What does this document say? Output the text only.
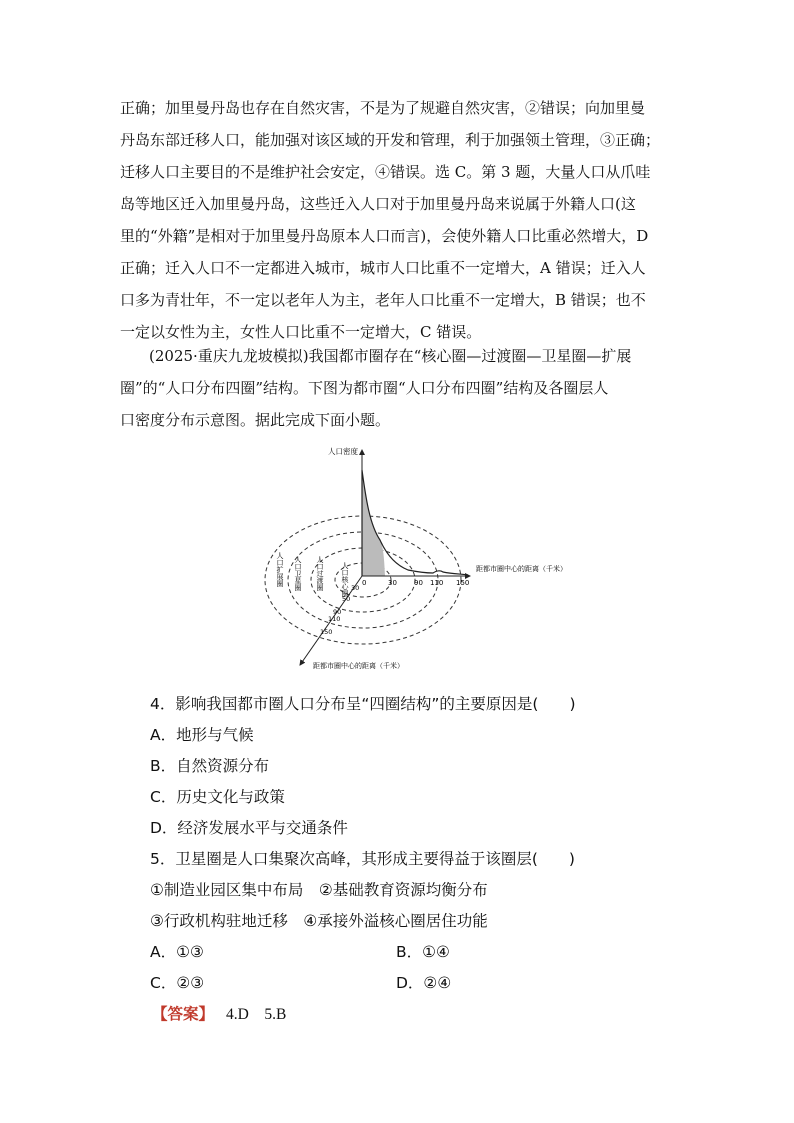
正确；加里曼丹岛也存在自然灾害，不是为了规避自然灾害，②错误；向加里曼
丹岛东部迁移人口，能加强对该区域的开发和管理，利于加强领土管理，③正确；
迁移人口主要目的不是维护社会安定，④错误。选 C。第 3 题，大量人口从爪哇
岛等地区迁入加里曼丹岛，这些迁入人口对于加里曼丹岛来说属于外籍人口(这
里的“外籍”是相对于加里曼丹岛原本人口而言)，会使外籍人口比重必然增大，D
正确；迁入人口不一定都进入城市，城市人口比重不一定增大，A 错误；迁入人
口多为青壮年，不一定以老年人为主，老年人口比重不一定增大，B 错误；也不
一定以女性为主，女性人口比重不一定增大，C 错误。
(2025·重庆九龙坡模拟)我国都市圈存在“核心圈—过渡圈—卫星圈—扩展
圈”的“人口分布四圈”结构。下图为都市圈“人口分布四圈”结构及各圈层人
口密度分布示意图。据此完成下面小题。
人口密度
距都市圈中心的距离（千米）
距都市圈中心的距离（千米）
0	30 90 110 150
30
50
90
110
150
人口扩展圈 人口卫星圈 人口过渡圈 人口核心圈
4．影响我国都市圈人口分布呈“四圈结构”的主要原因是(　　)
A．地形与气候
B．自然资源分布
C．历史文化与政策
D．经济发展水平与交通条件
5．卫星圈是人口集聚次高峰，其形成主要得益于该圈层(　　)
①制造业园区集中布局　②基础教育资源均衡分布
③行政机构驻地迁移　④承接外溢核心圈居住功能
A．①③	B．①④
C．②③	D．②④
【答案】 4.D　5.B
